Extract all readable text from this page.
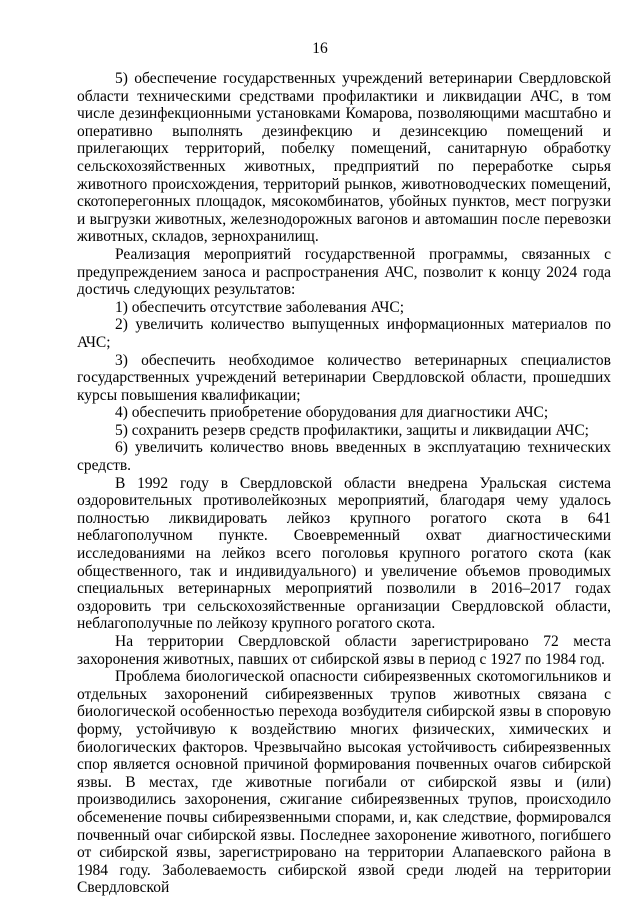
16

5) обеспечение государственных учреждений ветеринарии Свердловской области техническими средствами профилактики и ликвидации АЧС, в том числе дезинфекционными установками Комарова, позволяющими масштабно и оперативно выполнять дезинфекцию и дезинсекцию помещений и прилегающих территорий, побелку помещений, санитарную обработку сельскохозяйственных животных, предприятий по переработке сырья животного происхождения, территорий рынков, животноводческих помещений, скотоперегонных площадок, мясокомбинатов, убойных пунктов, мест погрузки и выгрузки животных, железнодорожных вагонов и автомашин после перевозки животных, складов, зернохранилищ.

Реализация мероприятий государственной программы, связанных с предупреждением заноса и распространения АЧС, позволит к концу 2024 года достичь следующих результатов:

1) обеспечить отсутствие заболевания АЧС;

2) увеличить количество выпущенных информационных материалов по АЧС;

3) обеспечить необходимое количество ветеринарных специалистов государственных учреждений ветеринарии Свердловской области, прошедших курсы повышения квалификации;

4) обеспечить приобретение оборудования для диагностики АЧС;

5) сохранить резерв средств профилактики, защиты и ликвидации АЧС;

6) увеличить количество вновь введенных в эксплуатацию технических средств.

В 1992 году в Свердловской области внедрена Уральская система оздоровительных противолейкозных мероприятий, благодаря чему удалось полностью ликвидировать лейкоз крупного рогатого скота в 641 неблагополучном пункте. Своевременный охват диагностическими исследованиями на лейкоз всего поголовья крупного рогатого скота (как общественного, так и индивидуального) и увеличение объемов проводимых специальных ветеринарных мероприятий позволили в 2016–2017 годах оздоровить три сельскохозяйственные организации Свердловской области, неблагополучные по лейкозу крупного рогатого скота.

На территории Свердловской области зарегистрировано 72 места захоронения животных, павших от сибирской язвы в период с 1927 по 1984 год.

Проблема биологической опасности сибиреязвенных скотомогильников и отдельных захоронений сибиреязвенных трупов животных связана с биологической особенностью перехода возбудителя сибирской язвы в споровую форму, устойчивую к воздействию многих физических, химических и биологических факторов. Чрезвычайно высокая устойчивость сибиреязвенных спор является основной причиной формирования почвенных очагов сибирской язвы. В местах, где животные погибали от сибирской язвы и (или) производились захоронения, сжигание сибиреязвенных трупов, происходило обсеменение почвы сибиреязвенными спорами, и, как следствие, формировался почвенный очаг сибирской язвы. Последнее захоронение животного, погибшего от сибирской язвы, зарегистрировано на территории Алапаевского района в 1984 году. Заболеваемость сибирской язвой среди людей на территории Свердловской
